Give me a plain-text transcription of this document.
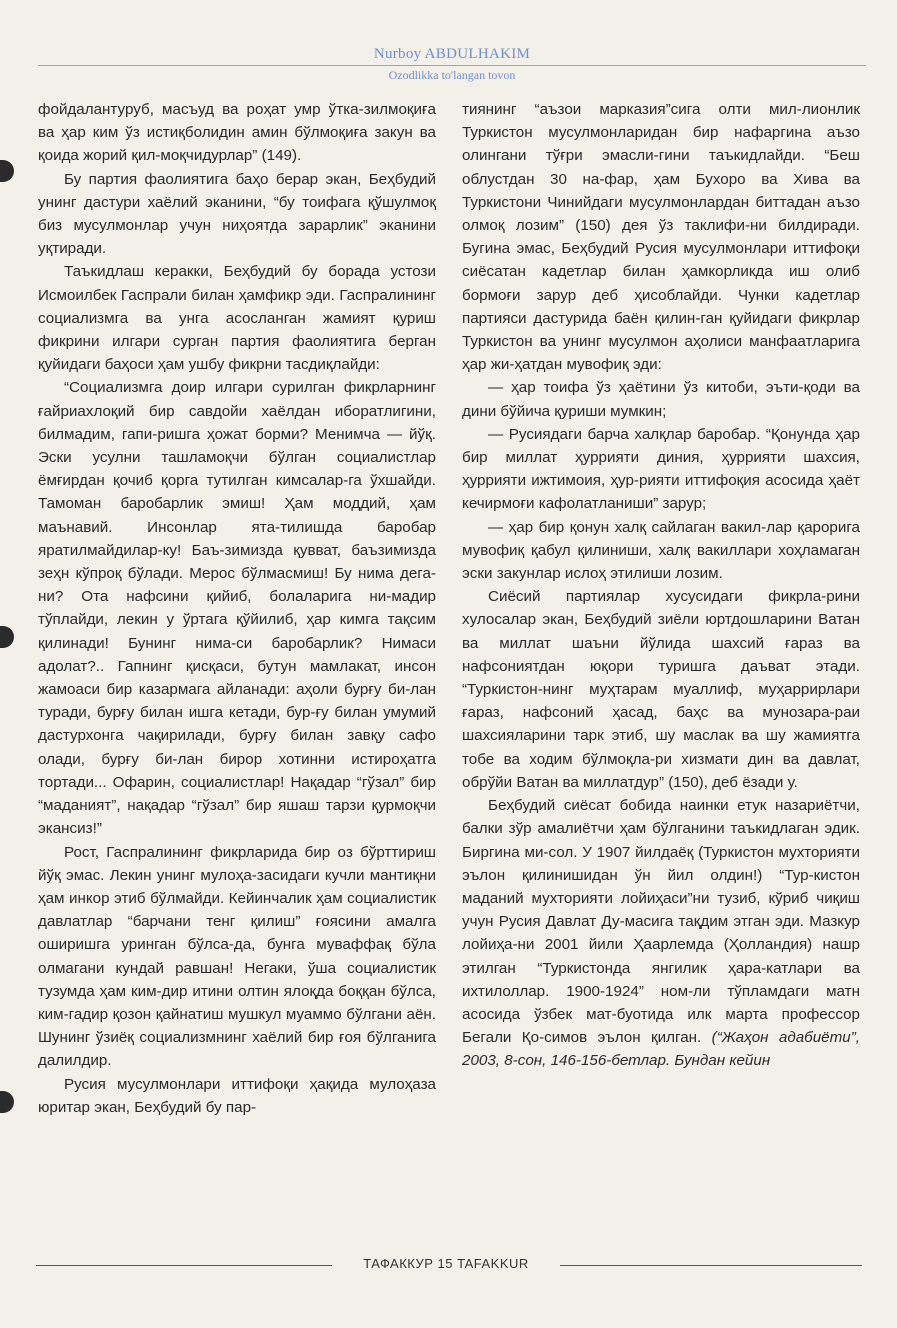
Nurboy ABDULHAKIM
Ozodlikka to'langan tovon

фойдалантуруб, масъуд ва роҳат умр ўтка-зилмоқиға ва ҳар ким ўз истиқболидин амин бўлмоқиға закун ва қоида жорий қил-моқчидурлар” (149).

Бу партия фаолиятига баҳо берар экан, Беҳбудий унинг дастури хаёлий эканини, “бу тоифага қўшулмоқ биз мусулмонлар учун ниҳоятда зарарлик” эканини уқтиради.

Таъкидлаш керакки, Беҳбудий бу борада устози Исмоилбек Гаспрали билан ҳамфикр эди. Гаспралининг социализмга ва унга асосланган жамият қуриш фикрини илгари сурган партия фаолиятига берган қуйидаги баҳоси ҳам ушбу фикрни тасдиқлайди:

“Социализмга доир илгари сурилган фикрларнинг ғайриахлоқий бир савдойи хаёлдан иборатлигини, билмадим, гапи-ришга ҳожат борми? Менимча — йўқ. Эски усулни ташламоқчи бўлган социалистлар ёмғирдан қочиб қорга тутилган кимсалар-га ўхшайди. Тамоман баробарлик эмиш! Ҳам моддий, ҳам маънавий. Инсонлар ята-тилишда баробар яратилмайдилар-ку! Баъ-зимизда қувват, баъзимизда зеҳн кўпроқ бўлади. Мерос бўлмасмиш! Бу нима дега-ни? Ота нафсини қийиб, болаларига ни-мадир тўплайди, лекин у ўртага қўйилиб, ҳар кимга тақсим қилинади! Бунинг нима-си баробарлик? Нимаси адолат?.. Гапнинг қисқаси, бутун мамлакат, инсон жамоаси бир казармага айланади: аҳоли бурғу би-лан туради, бурғу билан ишга кетади, бур-ғу билан умумий дастурхонга чақирилади, бурғу билан завқу сафо олади, бурғу би-лан бирор хотинни истироҳатга тортади... Офарин, социалистлар! Нақадар “гўзал” бир “маданият”, нақадар “гўзал” бир яшаш тарзи қурмоқчи экансиз!”

Рост, Гаспралининг фикрларида бир оз бўрттириш йўқ эмас. Лекин унинг мулоҳа-засидаги кучли мантиқни ҳам инкор этиб бўлмайди. Кейинчалик ҳам социалистик давлатлар “барчани тенг қилиш” ғоясини амалга оширишга уринган бўлса-да, бунга муваффақ бўла олмагани кундай равшан! Негаки, ўша социалистик тузумда ҳам ким-дир итини олтин ялоқда боққан бўлса, ким-гадир қозон қайнатиш мушкул муаммо бўлгани аён. Шунинг ўзиёқ социализмнинг хаёлий бир ғоя бўлганига далилдир.

Русия мусулмонлари иттифоқи ҳақида мулоҳаза юритар экан, Беҳбудий бу пар-

тиянинг “аъзои марказия”сига олти мил-лионлик Туркистон мусулмонларидан бир нафаргина аъзо олингани тўғри эмасли-гини таъкидлайди. “Беш облустдан 30 на-фар, ҳам Бухоро ва Хива ва Туркистони Чинийдаги мусулмонлардан биттадан аъзо олмоқ лозим” (150) дея ўз таклифи-ни билдиради. Бугина эмас, Беҳбудий Русия мусулмонлари иттифоқи сиёсатан кадетлар билан ҳамкорликда иш олиб бормоғи зарур деб ҳисоблайди. Чунки кадетлар партияси дастурида баён қилин-ган қуйидаги фикрлар Туркистон ва унинг мусулмон аҳолиси манфаатларига ҳар жи-ҳатдан мувофиқ эди:

— ҳар тоифа ўз ҳаётини ўз китоби, эъти-қоди ва дини бўйича қуриши мумкин;

— Русиядаги барча халқлар баробар. “Қонунда ҳар бир миллат ҳуррияти диния, ҳуррияти шахсия, ҳуррияти ижтимоия, ҳур-рияти иттифоқия асосида ҳаёт кечирмоғи кафолатланиши” зарур;

— ҳар бир қонун халқ сайлаган вакил-лар қарорига мувофиқ қабул қилиниши, халқ вакиллари хоҳламаган эски закунлар ислоҳ этилиши лозим.

Сиёсий партиялар хусусидаги фикрла-рини хулосалар экан, Беҳбудий зиёли юртдошларини Ватан ва миллат шаъни йўлида шахсий ғараз ва нафсониятдан юқори туришга даъват этади. “Туркистон-нинг муҳтарам муаллиф, муҳаррирлари ғараз, нафсоний ҳасад, баҳс ва мунозара-раи шахсияларини тарк этиб, шу маслак ва шу жамиятга тобе ва ходим бўлмоқла-ри хизмати дин ва давлат, обрўйи Ватан ва миллатдур” (150), деб ёзади у.

Беҳбудий сиёсат бобида наинки етук назариётчи, балки зўр амалиётчи ҳам бўлганини таъкидлаган эдик. Биргина ми-сол. У 1907 йилдаёқ (Туркистон мухторияти эълон қилинишидан ўн йил олдин!) “Тур-кистон маданий мухторияти лойиҳаси”ни тузиб, кўриб чиқиш учун Русия Давлат Ду-масига тақдим этган эди. Мазкур лойиҳа-ни 2001 йили Ҳаарлемда (Ҳолландия) нашр этилган “Туркистонда янгилик ҳара-катлари ва ихтилоллар. 1900-1924” ном-ли тўпламдаги матн асосида ўзбек мат-буотида илк марта профессор Бегали Қо-симов эълон қилган. (“Жаҳон адабиёти”, 2003, 8-сон, 146-156-бетлар. Бундан кейин

ТАФАККУР 15 TAFAKKUR
